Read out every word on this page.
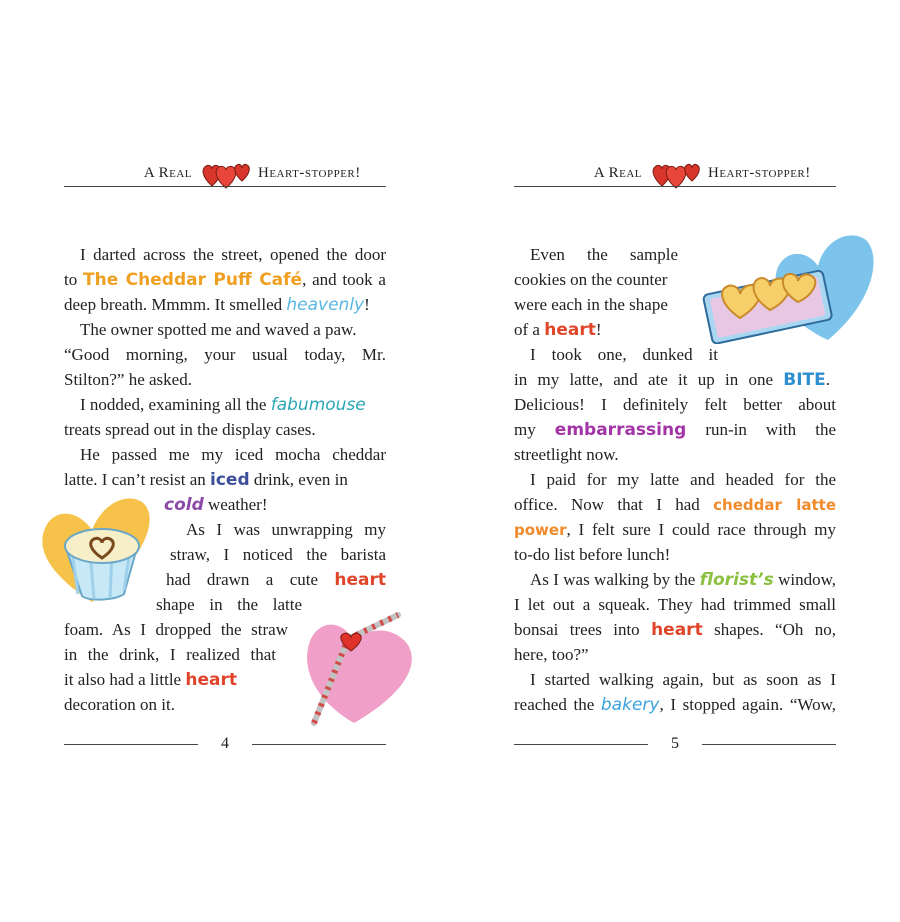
A Real	Heart-stopper!
I darted across the street, opened the door
to The Cheddar Puff Café, and took a
deep breath. Mmmm. It smelled heavenly!
The owner spotted me and waved a paw.
“Good morning, your usual today, Mr.
Stilton?” he asked.
I nodded, examining all the fabumouse
treats spread out in the display cases.
He passed me my iced mocha cheddar
latte. I can’t resist an iced drink, even in
cold weather!
As I was unwrapping my
straw, I noticed the barista
had drawn a cute heart
shape in the latte
foam. As I dropped the straw
in the drink, I realized that
it also had a little heart
decoration on it.
4
A Real	Heart-stopper!
Even the sample
cookies on the counter
were each in the shape
of a heart!
I took one, dunked it
in my latte, and ate it up in one BITE.
Delicious! I definitely felt better about
my embarrassing run-in with the
streetlight now.
I paid for my latte and headed for the
office. Now that I had cheddar latte
power, I felt sure I could race through my
to-do list before lunch!
As I was walking by the florist’s window,
I let out a squeak. They had trimmed small
bonsai trees into heart shapes. “Oh no,
here, too?”
I started walking again, but as soon as I
reached the bakery, I stopped again. “Wow,
5
